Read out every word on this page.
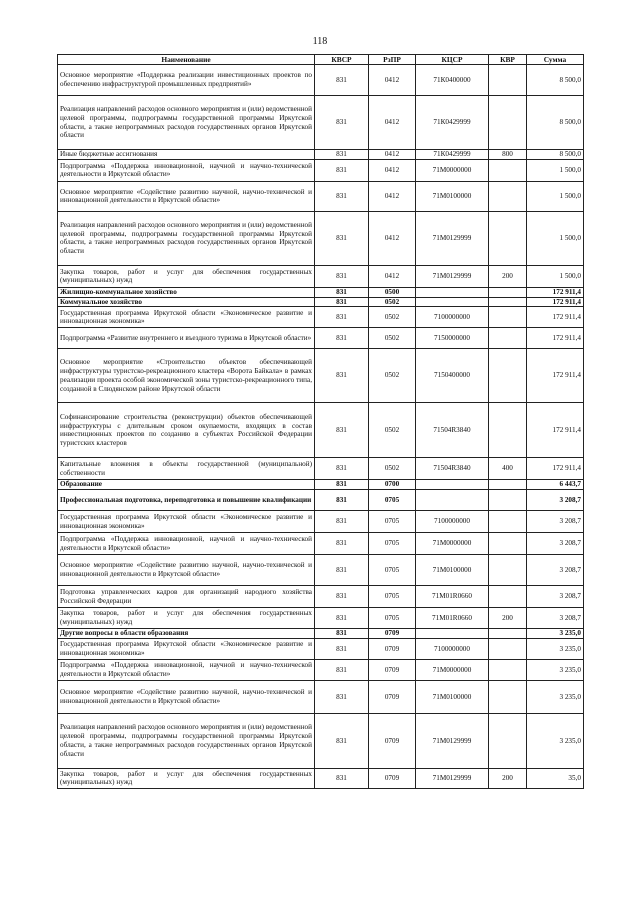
118
Наименование	КВСР	РзПР	КЦСР	КВР	Сумма
Основное мероприятие «Поддержка реализации инвестиционных проектов по обеспечению инфраструктурой промышленных предприятий»	831	0412	71К0400000		8 500,0
Реализация направлений расходов основного мероприятия и (или) ведомственной целевой программы, подпрограммы государственной программы Иркутской области, а также непрограммных расходов государственных органов Иркутской области	831	0412	71К0429999		8 500,0
Иные бюджетные ассигнования	831	0412	71К0429999	800	8 500,0
Подпрограмма «Поддержка инновационной, научной и научно-технической деятельности в Иркутской области»	831	0412	71М0000000		1 500,0
Основное мероприятие «Содействие развитию научной, научно-технической и инновационной деятельности в Иркутской области»	831	0412	71М0100000		1 500,0
Реализация направлений расходов основного мероприятия и (или) ведомственной целевой программы, подпрограммы государственной программы Иркутской области, а также непрограммных расходов государственных органов Иркутской области	831	0412	71М0129999		1 500,0
Закупка товаров, работ и услуг для обеспечения государственных (муниципальных) нужд	831	0412	71М0129999	200	1 500,0
Жилищно-коммунальное хозяйство	831	0500			172 911,4
Коммунальное хозяйство	831	0502			172 911,4
Государственная программа Иркутской области «Экономическое развитие и инновационная экономика»	831	0502	7100000000		172 911,4
Подпрограмма «Развитие внутреннего и въездного туризма в Иркутской области»	831	0502	7150000000		172 911,4
Основное мероприятие «Строительство объектов обеспечивающей инфраструктуры туристско-рекреационного кластера «Ворота Байкала» в рамках реализации проекта особой экономической зоны туристско-рекреационного типа, созданной в Слюдянском районе Иркутской области	831	0502	7150400000		172 911,4
Софинансирование строительства (реконструкции) объектов обеспечивающей инфраструктуры с длительным сроком окупаемости, входящих в состав инвестиционных проектов по созданию в субъектах Российской Федерации туристских кластеров	831	0502	71504R3840		172 911,4
Капитальные вложения в объекты государственной (муниципальной) собственности	831	0502	71504R3840	400	172 911,4
Образование	831	0700			6 443,7
Профессиональная подготовка, переподготовка и повышение квалификации	831	0705			3 208,7
Государственная программа Иркутской области «Экономическое развитие и инновационная экономика»	831	0705	7100000000		3 208,7
Подпрограмма «Поддержка инновационной, научной и научно-технической деятельности в Иркутской области»	831	0705	71М0000000		3 208,7
Основное мероприятие «Содействие развитию научной, научно-технической и инновационной деятельности в Иркутской области»	831	0705	71М0100000		3 208,7
Подготовка управленческих кадров для организаций народного хозяйства Российской Федерации	831	0705	71М01R0660		3 208,7
Закупка товаров, работ и услуг для обеспечения государственных (муниципальных) нужд	831	0705	71М01R0660	200	3 208,7
Другие вопросы в области образования	831	0709			3 235,0
Государственная программа Иркутской области «Экономическое развитие и инновационная экономика»	831	0709	7100000000		3 235,0
Подпрограмма «Поддержка инновационной, научной и научно-технической деятельности в Иркутской области»	831	0709	71М0000000		3 235,0
Основное мероприятие «Содействие развитию научной, научно-технической и инновационной деятельности в Иркутской области»	831	0709	71М0100000		3 235,0
Реализация направлений расходов основного мероприятия и (или) ведомственной целевой программы, подпрограммы государственной программы Иркутской области, а также непрограммных расходов государственных органов Иркутской области	831	0709	71М0129999		3 235,0
Закупка товаров, работ и услуг для обеспечения государственных (муниципальных) нужд	831	0709	71М0129999	200	35,0
